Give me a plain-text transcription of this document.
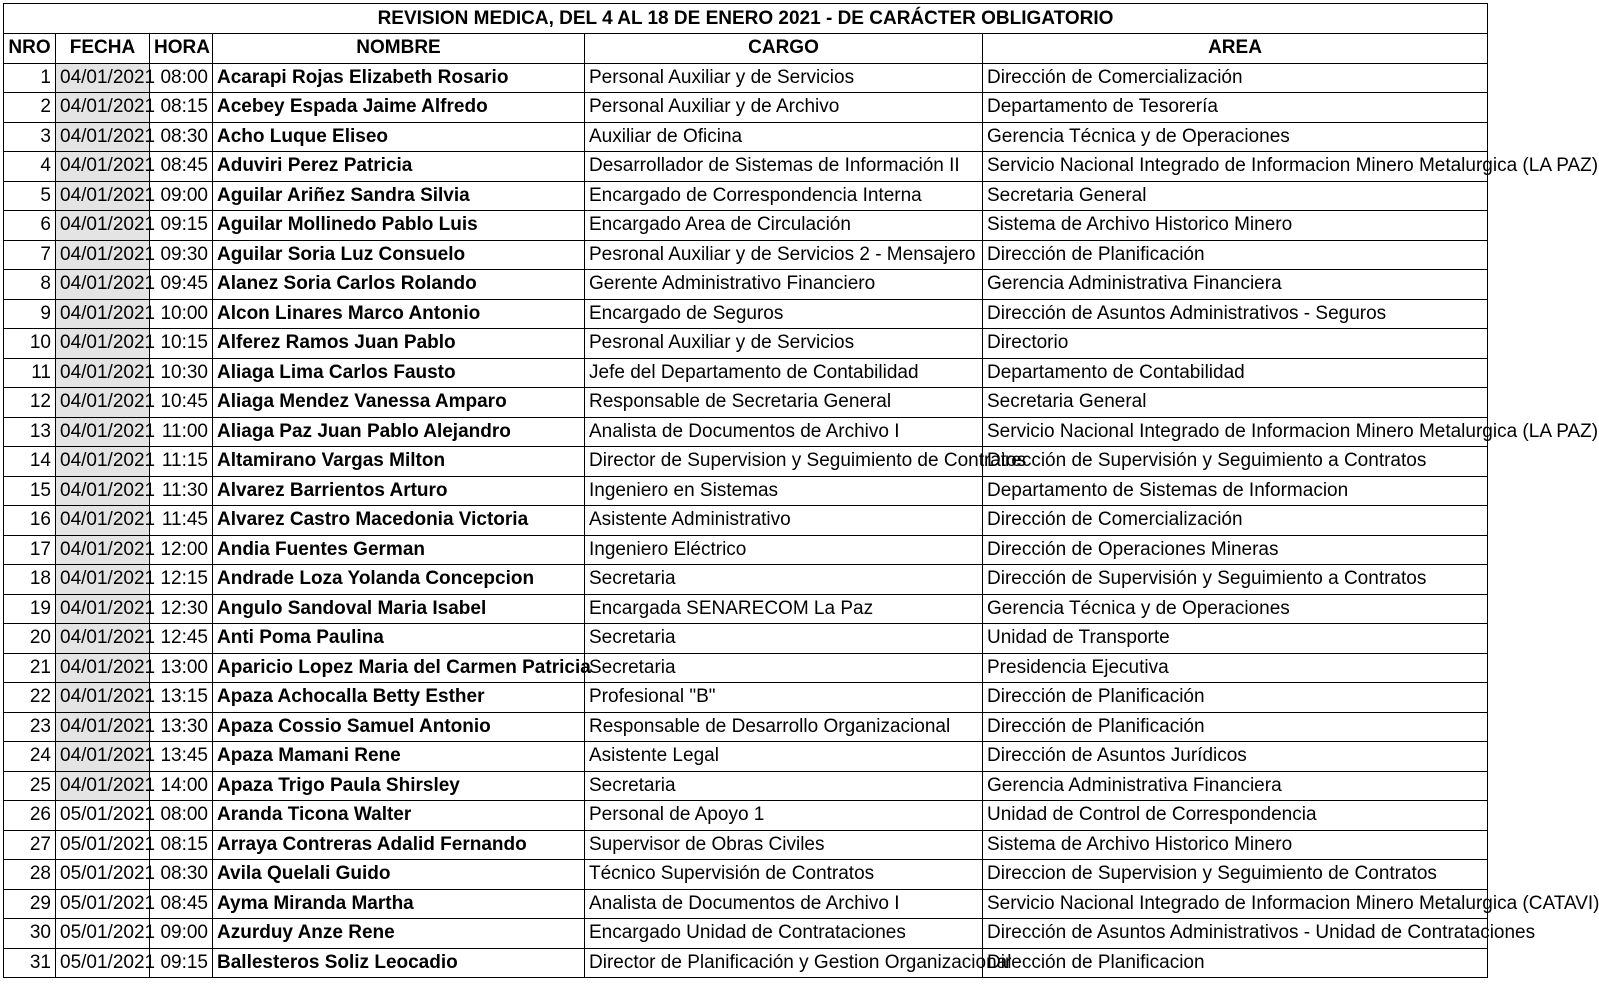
REVISION MEDICA, DEL 4 AL 18 DE ENERO 2021 - DE CARÁCTER OBLIGATORIO					
NRO	FECHA	HORA	NOMBRE	CARGO	AREA
1	04/01/2021	08:00	Acarapi Rojas Elizabeth Rosario	Personal Auxiliar y de Servicios	Dirección de Comercialización
2	04/01/2021	08:15	Acebey Espada Jaime Alfredo	Personal Auxiliar y de Archivo	Departamento de Tesorería
3	04/01/2021	08:30	Acho Luque Eliseo	Auxiliar de Oficina	Gerencia Técnica y de Operaciones
4	04/01/2021	08:45	Aduviri Perez Patricia	Desarrollador de Sistemas de Información II	Servicio Nacional Integrado de Informacion Minero Metalurgica (LA PAZ)
5	04/01/2021	09:00	Aguilar Ariñez Sandra Silvia	Encargado de Correspondencia Interna	Secretaria General
6	04/01/2021	09:15	Aguilar Mollinedo Pablo Luis	Encargado Area de Circulación	Sistema de Archivo Historico Minero
7	04/01/2021	09:30	Aguilar Soria Luz Consuelo	Pesronal Auxiliar y de Servicios 2 - Mensajero	Dirección de Planificación
8	04/01/2021	09:45	Alanez Soria Carlos Rolando	Gerente Administrativo Financiero	Gerencia Administrativa Financiera
9	04/01/2021	10:00	Alcon Linares Marco Antonio	Encargado de Seguros	Dirección de Asuntos Administrativos - Seguros
10	04/01/2021	10:15	Alferez Ramos Juan Pablo	Pesronal Auxiliar y de Servicios	Directorio
11	04/01/2021	10:30	Aliaga Lima Carlos Fausto	Jefe del Departamento de Contabilidad	Departamento de Contabilidad
12	04/01/2021	10:45	Aliaga Mendez Vanessa Amparo	Responsable de Secretaria General	Secretaria General
13	04/01/2021	11:00	Aliaga Paz Juan Pablo Alejandro	Analista de Documentos de Archivo I	Servicio Nacional Integrado de Informacion Minero Metalurgica (LA PAZ)
14	04/01/2021	11:15	Altamirano Vargas Milton	Director de Supervision y Seguimiento de Contratos	Dirección de Supervisión y Seguimiento a Contratos
15	04/01/2021	11:30	Alvarez Barrientos Arturo	Ingeniero en Sistemas	Departamento de Sistemas de Informacion
16	04/01/2021	11:45	Alvarez Castro Macedonia Victoria	Asistente Administrativo	Dirección de Comercialización
17	04/01/2021	12:00	Andia Fuentes German	Ingeniero Eléctrico	Dirección de Operaciones Mineras
18	04/01/2021	12:15	Andrade Loza Yolanda Concepcion	Secretaria	Dirección de Supervisión y Seguimiento a Contratos
19	04/01/2021	12:30	Angulo Sandoval Maria Isabel	Encargada SENARECOM La Paz	Gerencia Técnica y de Operaciones
20	04/01/2021	12:45	Anti Poma Paulina	Secretaria	Unidad de Transporte
21	04/01/2021	13:00	Aparicio Lopez Maria del Carmen Patricia	Secretaria	Presidencia Ejecutiva
22	04/01/2021	13:15	Apaza Achocalla Betty Esther	Profesional "B"	Dirección de Planificación
23	04/01/2021	13:30	Apaza Cossio Samuel Antonio	Responsable de Desarrollo Organizacional	Dirección de Planificación
24	04/01/2021	13:45	Apaza Mamani Rene	Asistente Legal	Dirección de Asuntos Jurídicos
25	04/01/2021	14:00	Apaza Trigo Paula Shirsley	Secretaria	Gerencia Administrativa Financiera
26	05/01/2021	08:00	Aranda Ticona Walter	Personal de Apoyo 1	Unidad de Control de Correspondencia
27	05/01/2021	08:15	Arraya Contreras Adalid Fernando	Supervisor de Obras Civiles	Sistema de Archivo Historico Minero
28	05/01/2021	08:30	Avila Quelali Guido	Técnico Supervisión de Contratos	Direccion de Supervision y Seguimiento de Contratos
29	05/01/2021	08:45	Ayma Miranda Martha	Analista de Documentos de Archivo I	Servicio Nacional Integrado de Informacion Minero Metalurgica (CATAVI)
30	05/01/2021	09:00	Azurduy Anze Rene	Encargado Unidad de Contrataciones	Dirección de Asuntos Administrativos - Unidad de Contrataciones
31	05/01/2021	09:15	Ballesteros Soliz Leocadio	Director de Planificación y Gestion Organizacional	Dirección de Planificacion
